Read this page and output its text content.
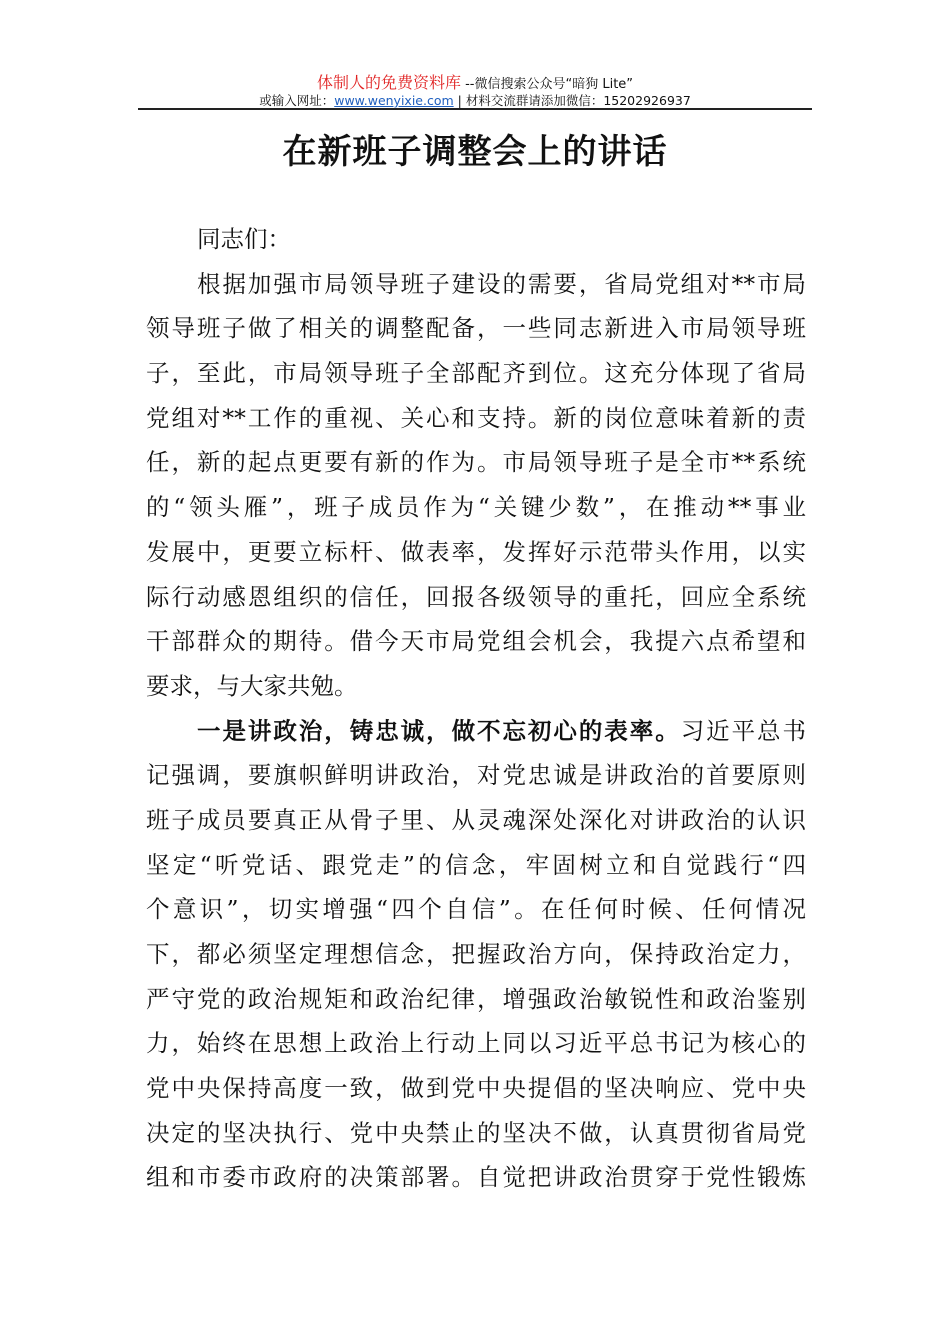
体制人的免费资料库 --微信搜索公众号“暗狗 Lite”
或输入网址：www.wenyixie.com | 材料交流群请添加微信：15202926937
在新班子调整会上的讲话
同志们：
根据加强市局领导班子建设的需要，省局党组对**市局
领导班子做了相关的调整配备，一些同志新进入市局领导班
子，至此，市局领导班子全部配齐到位。这充分体现了省局
党组对**工作的重视、关心和支持。新的岗位意味着新的责
任，新的起点更要有新的作为。市局领导班子是全市**系统
的“领头雁”，班子成员作为“关键少数”，在推动**事业
发展中，更要立标杆、做表率，发挥好示范带头作用，以实
际行动感恩组织的信任，回报各级领导的重托，回应全系统
干部群众的期待。借今天市局党组会机会，我提六点希望和
要求，与大家共勉。
一是讲政治，铸忠诚，做不忘初心的表率。习近平总书
记强调，要旗帜鲜明讲政治，对党忠诚是讲政治的首要原则
班子成员要真正从骨子里、从灵魂深处深化对讲政治的认识
坚定“听党话、跟党走”的信念，牢固树立和自觉践行“四
个意识”，切实增强“四个自信”。在任何时候、任何情况
下，都必须坚定理想信念，把握政治方向，保持政治定力，
严守党的政治规矩和政治纪律，增强政治敏锐性和政治鉴别
力，始终在思想上政治上行动上同以习近平总书记为核心的
党中央保持高度一致，做到党中央提倡的坚决响应、党中央
决定的坚决执行、党中央禁止的坚决不做，认真贯彻省局党
组和市委市政府的决策部署。自觉把讲政治贯穿于党性锻炼
